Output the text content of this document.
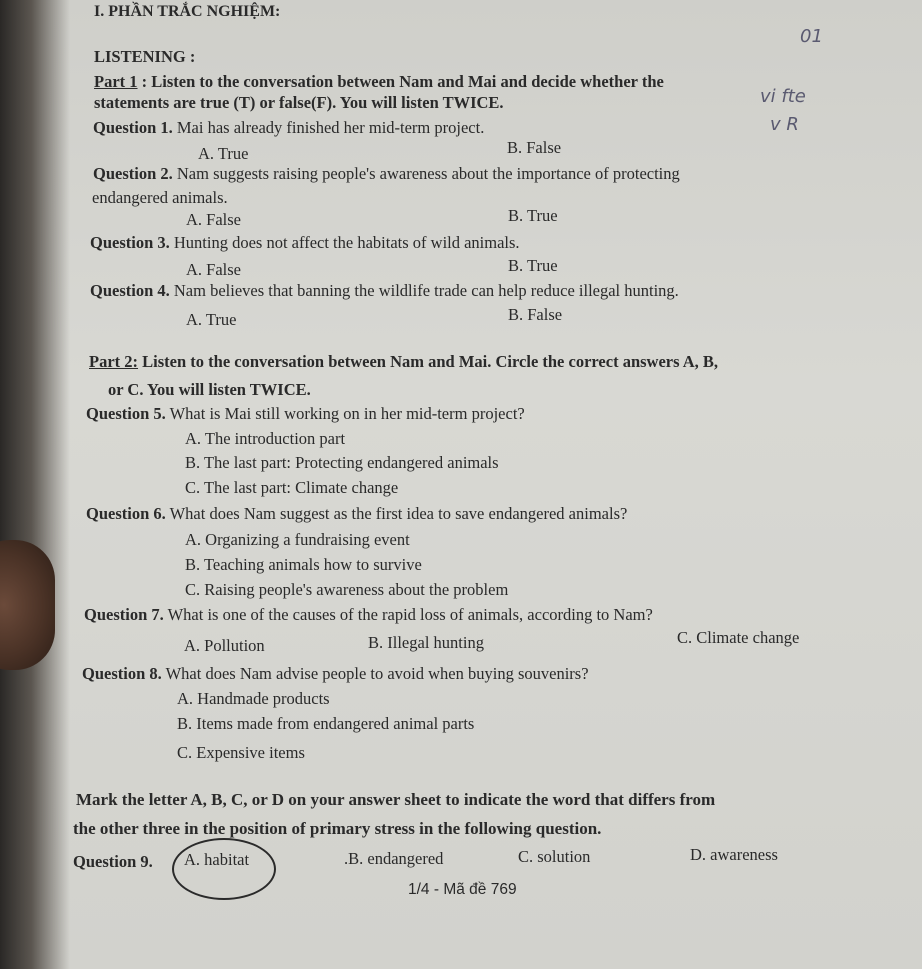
I. PHẦN TRẮC NGHIỆM:
LISTENING :
Part 1 : Listen to the conversation between Nam and Mai and decide whether the
statements are true (T) or false(F). You will listen TWICE.
Question 1. Mai has already finished her mid-term project.
A. True	B. False
Question 2. Nam suggests raising people's awareness about the importance of protecting
endangered animals.
A. False	B. True
Question 3. Hunting does not affect the habitats of wild animals.
A. False	B. True
Question 4. Nam believes that banning the wildlife trade can help reduce illegal hunting.
A. True	B. False
Part 2: Listen to the conversation between Nam and Mai. Circle the correct answers A, B,
or C. You will listen TWICE.
Question 5. What is Mai still working on in her mid-term project?
A. The introduction part
B. The last part: Protecting endangered animals
C. The last part: Climate change
Question 6. What does Nam suggest as the first idea to save endangered animals?
A. Organizing a fundraising event
B. Teaching animals how to survive
C. Raising people's awareness about the problem
Question 7. What is one of the causes of the rapid loss of animals, according to Nam?
A. Pollution	B. Illegal hunting	C. Climate change
Question 8. What does Nam advise people to avoid when buying souvenirs?
A. Handmade products
B. Items made from endangered animal parts
C. Expensive items
Mark the letter A, B, C, or D on your answer sheet to indicate the word that differs from
the other three in the position of primary stress in the following question.
Question 9. A. habitat	.B. endangered	C. solution	D. awareness
1/4 - Mã đề 769
01
vi fte
v R
